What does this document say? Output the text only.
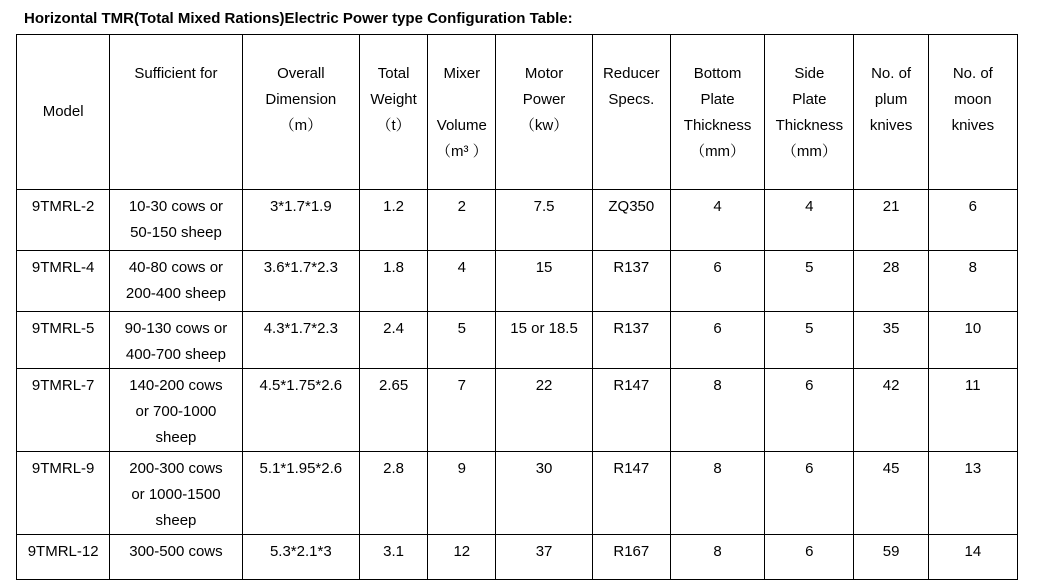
Horizontal TMR(Total Mixed Rations)Electric Power type Configuration Table:
Model	Sufficient for	Overall
Dimension
（m）	Total
Weight
（t）	Mixer

Volume
（m³ ）	Motor
Power
（kw）	Reducer
Specs.	Bottom
Plate
Thickness
（mm）	Side
Plate
Thickness
（mm）	No. of
plum
knives	No. of
moon
knives

9TMRL-2	10-30 cows or
50-150 sheep	3*1.7*1.9	1.2	2	7.5	ZQ350	4	4	21	6
9TMRL-4	40-80 cows or
200-400 sheep	3.6*1.7*2.3	1.8	4	15	R137	6	5	28	8
9TMRL-5	90-130 cows or
400-700 sheep	4.3*1.7*2.3	2.4	5	15 or 18.5	R137	6	5	35	10
9TMRL-7	140-200 cows
or 700-1000
sheep	4.5*1.75*2.6	2.65	7	22	R147	8	6	42	11
9TMRL-9	200-300 cows
or 1000-1500
sheep	5.1*1.95*2.6	2.8	9	30	R147	8	6	45	13
9TMRL-12	300-500 cows	5.3*2.1*3	3.1	12	37	R167	8	6	59	14
